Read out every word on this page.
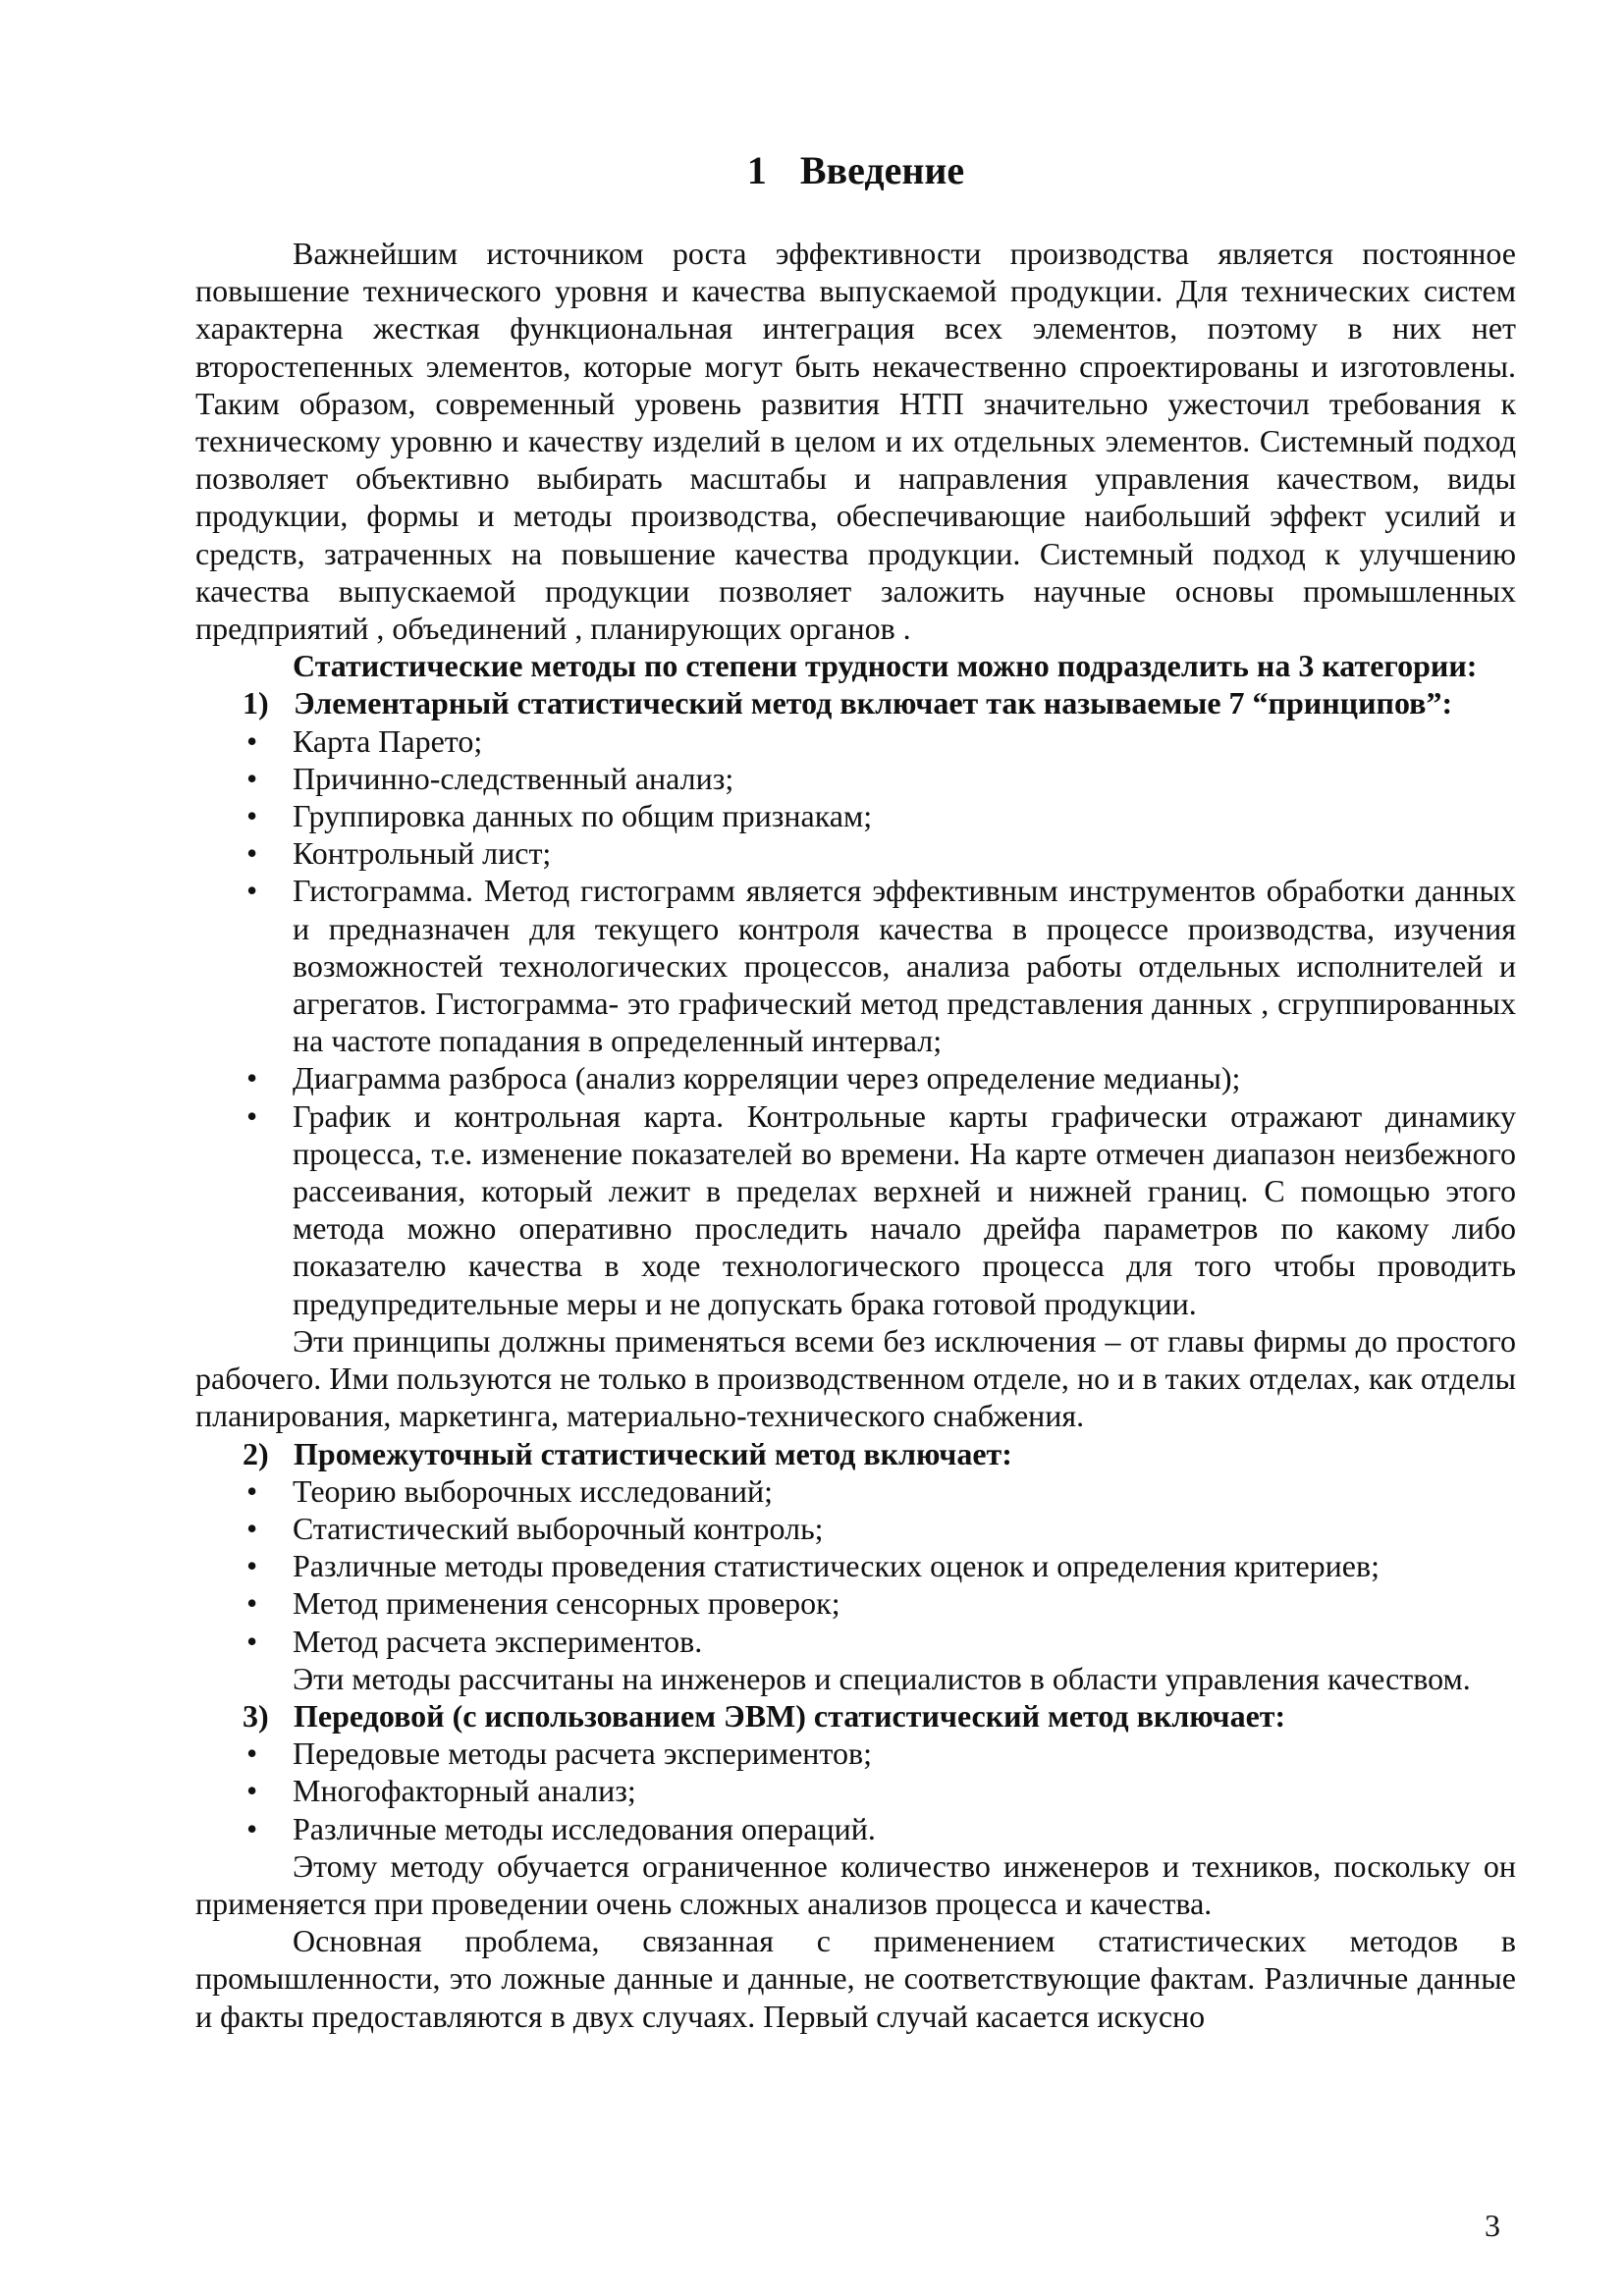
1 Введение

Важнейшим источником роста эффективности производства является постоянное повышение технического уровня и качества выпускаемой продукции. Для технических систем характерна жесткая функциональная интеграция всех элементов, поэтому в них нет второстепенных элементов, которые могут быть некачественно спроектированы и изготовлены. Таким образом, современный уровень развития НТП значительно ужесточил требования к техническому уровню и качеству изделий в целом и их отдельных элементов. Системный подход позволяет объективно выбирать масштабы и направления управления качеством, виды продукции, формы и методы производства, обеспечивающие наибольший эффект усилий и средств, затраченных на повышение качества продукции. Системный подход к улучшению качества выпускаемой продукции позволяет заложить научные основы промышленных предприятий , объединений , планирующих органов .

Статистические методы по степени трудности можно подразделить на 3 категории:

1) Элементарный статистический метод включает так называемые 7 “принципов”:
• Карта Парето;
• Причинно-следственный анализ;
• Группировка данных по общим признакам;
• Контрольный лист;
• Гистограмма. Метод гистограмм является эффективным инструментов обработки данных и предназначен для текущего контроля качества в процессе производства, изучения возможностей технологических процессов, анализа работы отдельных исполнителей и агрегатов. Гистограмма- это графический метод представления данных , сгруппированных на частоте попадания в определенный интервал;
• Диаграмма разброса (анализ корреляции через определение медианы);
• График и контрольная карта. Контрольные карты графически отражают динамику процесса, т.е. изменение показателей во времени. На карте отмечен диапазон неизбежного рассеивания, который лежит в пределах верхней и нижней границ. С помощью этого метода можно оперативно проследить начало дрейфа параметров по какому либо показателю качества в ходе технологического процесса для того чтобы проводить предупредительные меры и не допускать брака готовой продукции.

Эти принципы должны применяться всеми без исключения – от главы фирмы до простого рабочего. Ими пользуются не только в производственном отделе, но и в таких отделах, как отделы планирования, маркетинга, материально-технического снабжения.

2) Промежуточный статистический метод включает:
• Теорию выборочных исследований;
• Статистический выборочный контроль;
• Различные методы проведения статистических оценок и определения критериев;
• Метод применения сенсорных проверок;
• Метод расчета экспериментов.

Эти методы рассчитаны на инженеров и специалистов в области управления качеством.

3) Передовой (с использованием ЭВМ) статистический метод включает:
• Передовые методы расчета экспериментов;
• Многофакторный анализ;
• Различные методы исследования операций.

Этому методу обучается ограниченное количество инженеров и техников, поскольку он применяется при проведении очень сложных анализов процесса и качества.

Основная проблема, связанная с применением статистических методов в промышленности, это ложные данные и данные, не соответствующие фактам. Различные данные и факты предоставляются в двух случаях. Первый случай касается искусно

3
